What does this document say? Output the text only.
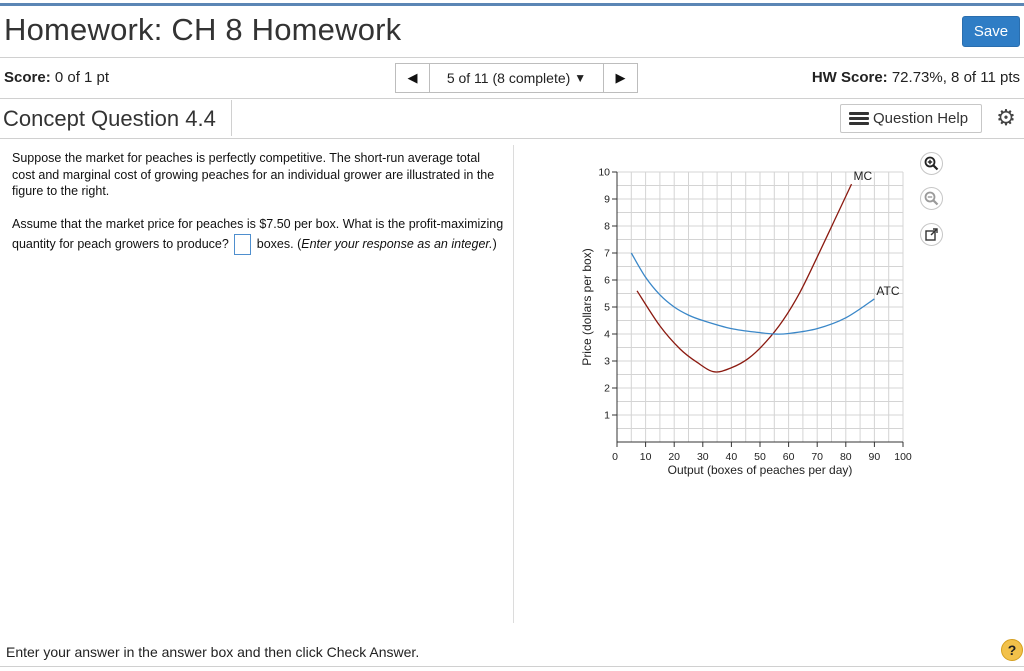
Homework: CH 8 Homework	Save
Score: 0 of 1 pt	◀ 5 of 11 (8 complete) ▼ ▶	HW Score: 72.73%, 8 of 11 pts
Concept Question 4.4	Question Help ⚙

Suppose the market for peaches is perfectly competitive. The short-run average total cost and marginal cost of growing peaches for an individual grower are illustrated in the figure to the right.

Assume that the market price for peaches is $7.50 per box. What is the profit-maximizing quantity for peach growers to produce? boxes. (Enter your response as an integer.)

0 10 20 30 40 50 60 70 80 90 100
1
2
3
4
5
6
7
8
9
10
Output (boxes of peaches per day)
Price (dollars per box)
MC
ATC
Enter your answer in the answer box and then click Check Answer.	?
